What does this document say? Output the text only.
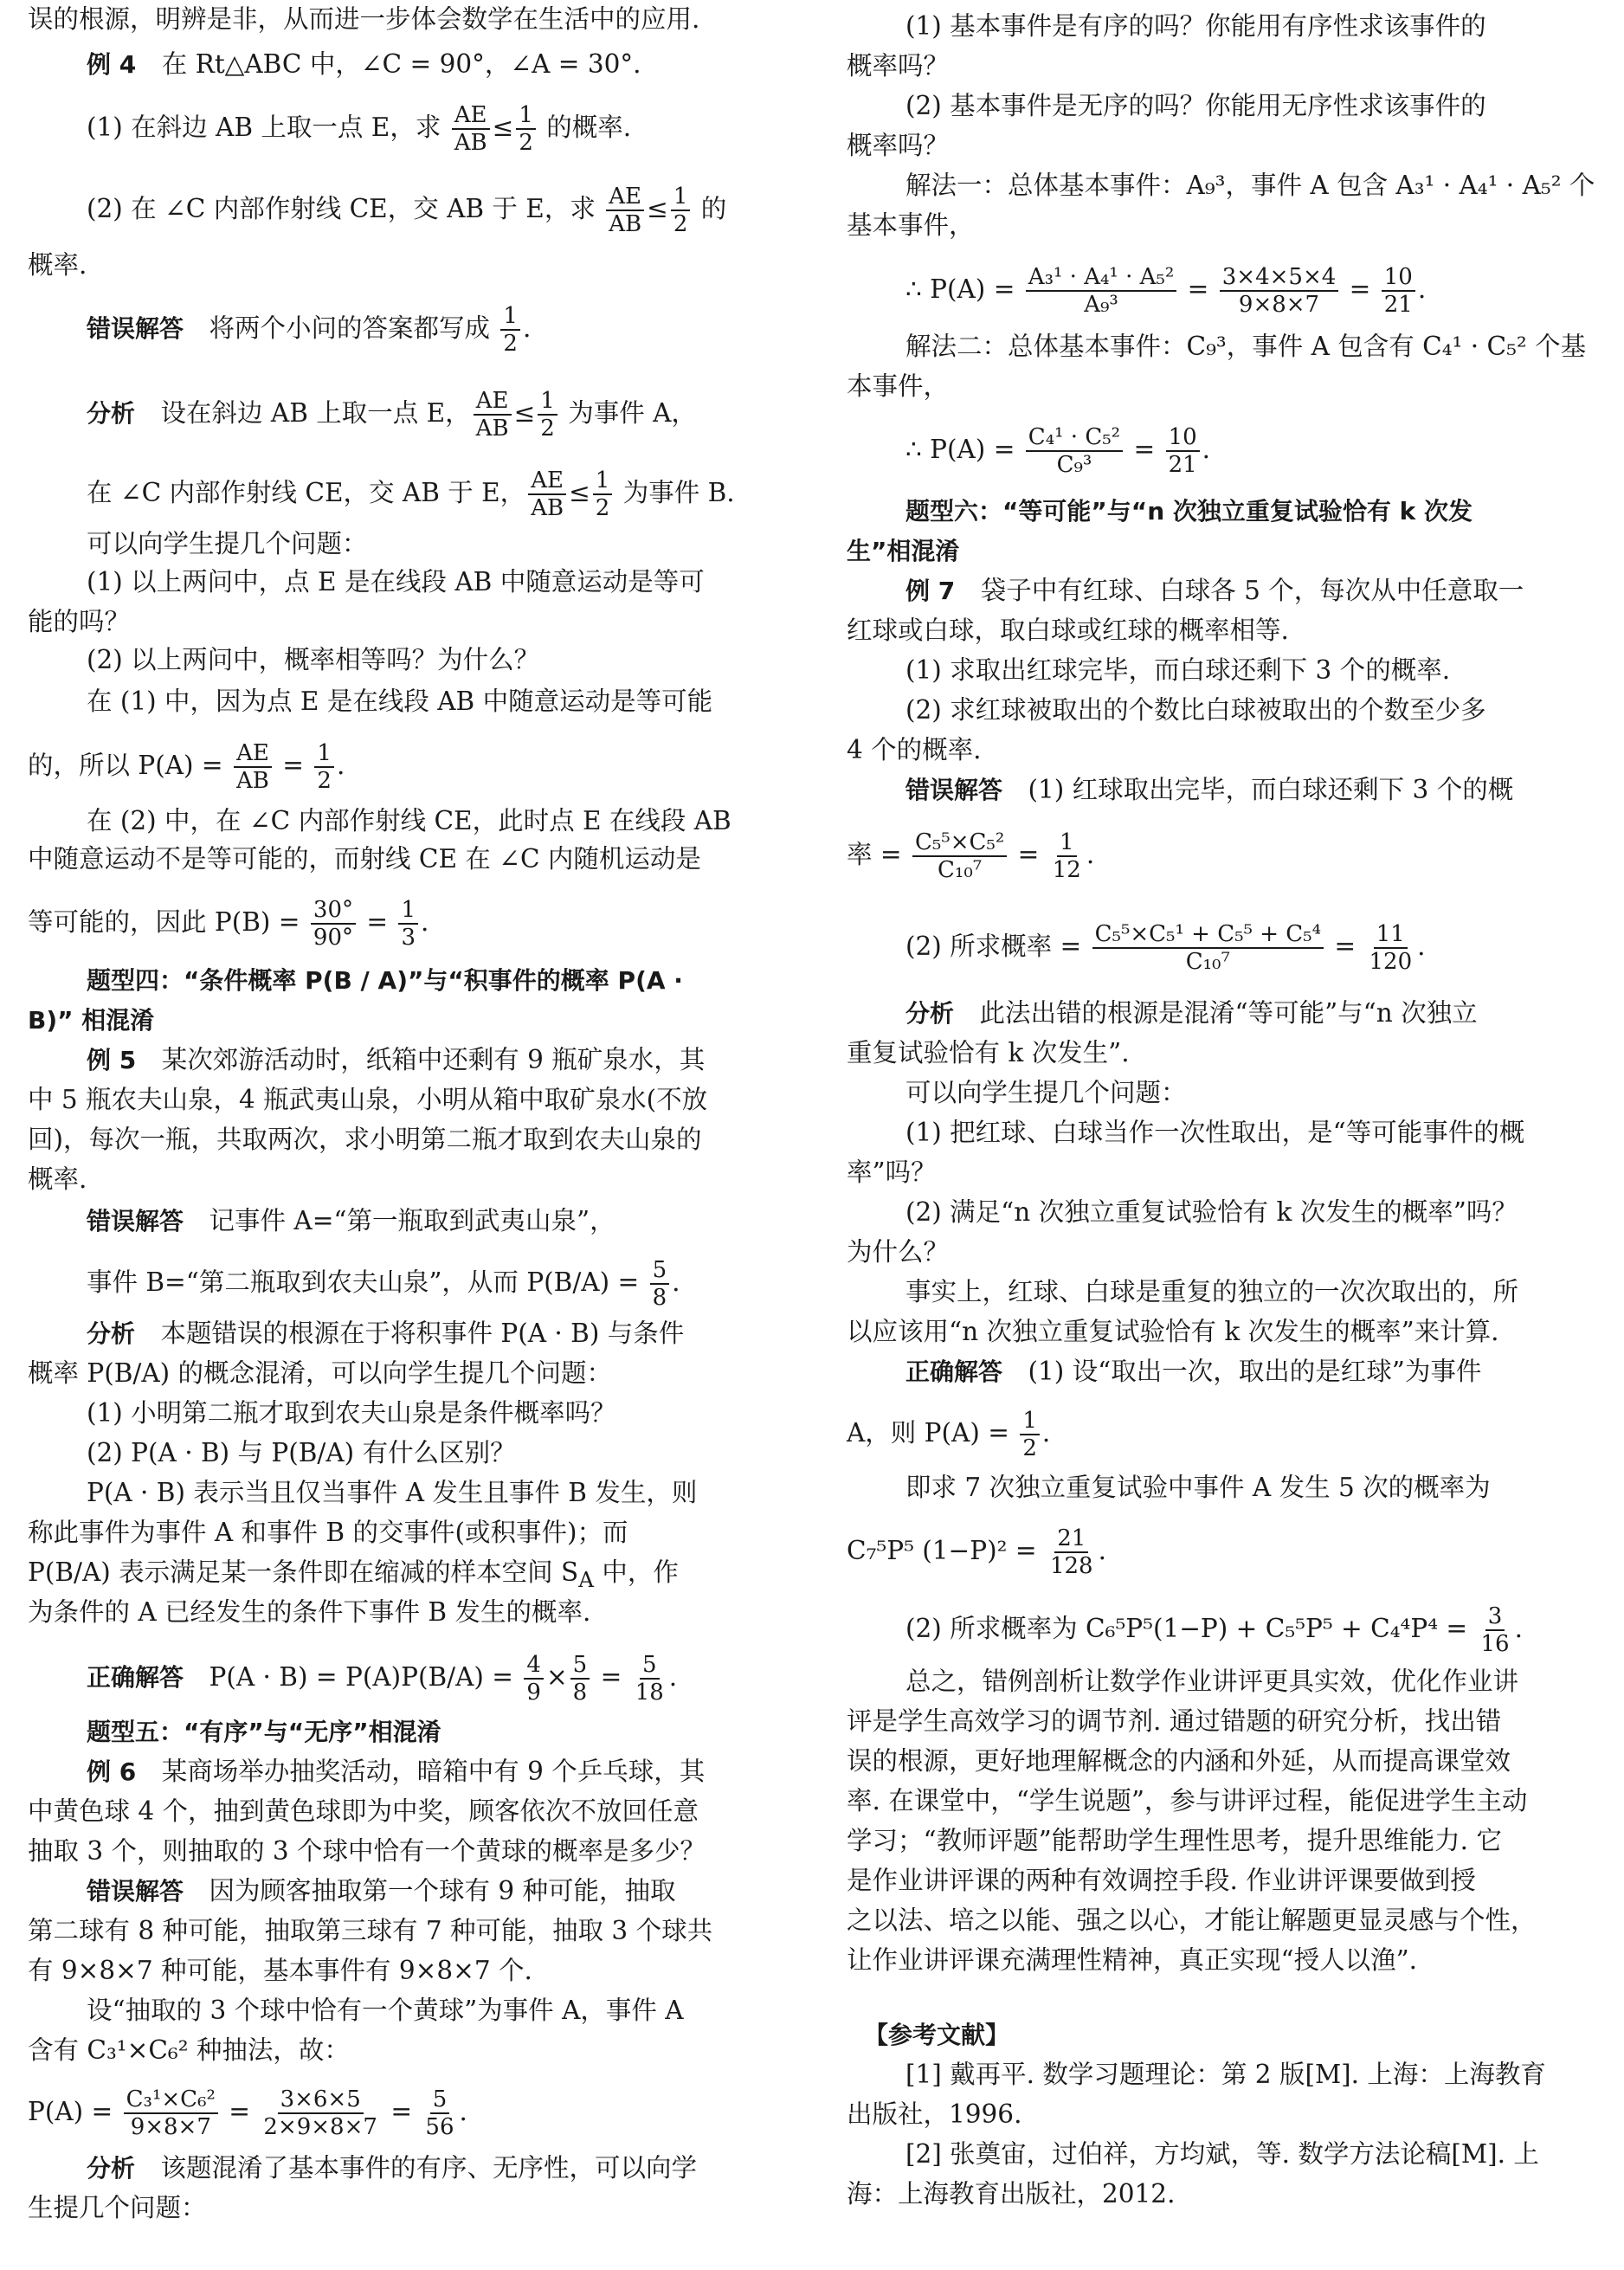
误的根源，明辨是非，从而进一步体会数学在生活中的应用.
例 4　在 Rt△ABC 中，∠C = 90°，∠A = 30°.
(1) 在斜边 AB 上取一点 E，求 $\frac{AE}{AB} \le \frac{1}{2}$ 的概率.
(2) 在 ∠C 内部作射线 CE，交 AB 于 E，求 $\frac{AE}{AB} \le \frac{1}{2}$ 的
概率.
错误解答　将两个小问的答案都写成 $\frac{1}{2}$ .
分析　设在斜边 AB 上取一点 E， $\frac{AE}{AB} \le \frac{1}{2}$ 为事件 A，
在 ∠C 内部作射线 CE，交 AB 于 E， $\frac{AE}{AB} \le \frac{1}{2}$ 为事件 B.
可以向学生提几个问题：
(1) 以上两问中，点 E 是在线段 AB 中随意运动是等可
能的吗？
(2) 以上两问中，概率相等吗？为什么？
在 (1) 中，因为点 E 是在线段 AB 中随意运动是等可能
的，所以 $P(A) = \frac{AE}{AB} = \frac{1}{2}$ .
在 (2) 中，在 ∠C 内部作射线 CE，此时点 E 在线段 AB
中随意运动不是等可能的，而射线 CE 在 ∠C 内随机运动是
等可能的，因此 $P(B) = \frac{30^\circ}{90^\circ} = \frac{1}{3}$ .
题型四：“条件概率 P(B / A)”与“积事件的概率 P(A ·
B)” 相混淆
例 5　某次郊游活动时，纸箱中还剩有 9 瓶矿泉水，其
中 5 瓶农夫山泉，4 瓶武夷山泉，小明从箱中取矿泉水(不放
回)，每次一瓶，共取两次，求小明第二瓶才取到农夫山泉的
概率.
错误解答　记事件 A=“第一瓶取到武夷山泉”，
事件 B=“第二瓶取到农夫山泉”，从而 $P(B/A) = \frac{5}{8}$ .
分析　本题错误的根源在于将积事件 P(A · B) 与条件
概率 P(B/A) 的概念混淆，可以向学生提几个问题：
(1) 小明第二瓶才取到农夫山泉是条件概率吗？
(2) P(A · B) 与 P(B/A) 有什么区别？
P(A · B) 表示当且仅当事件 A 发生且事件 B 发生，则
称此事件为事件 A 和事件 B 的交事件(或积事件)；而
P(B/A) 表示满足某一条件即在缩减的样本空间 $S_A$ 中，作
为条件的 A 已经发生的条件下事件 B 发生的概率.
正确解答　$P(A \cdot B) = P(A)P(B/A) = \frac{4}{9} \times \frac{5}{8} = \frac{5}{18}$ .
题型五：“有序”与“无序”相混淆
例 6　某商场举办抽奖活动，暗箱中有 9 个乒乓球，其
中黄色球 4 个，抽到黄色球即为中奖，顾客依次不放回任意
抽取 3 个，则抽取的 3 个球中恰有一个黄球的概率是多少？
错误解答　因为顾客抽取第一个球有 9 种可能，抽取
第二球有 8 种可能，抽取第三球有 7 种可能，抽取 3 个球共
有 9×8×7 种可能，基本事件有 9×8×7 个.
设“抽取的 3 个球中恰有一个黄球”为事件 A，事件 A
含有 C₃¹×C₆² 种抽法，故：
$P(A) = \frac{\text{C₃¹×C₆²}}{9\times 8\times 7} = \frac{3\times 6\times 5}{2\times 9\times 8\times 7} = \frac{5}{56}$ .
分析　该题混淆了基本事件的有序、无序性，可以向学
生提几个问题：
(1) 基本事件是有序的吗？你能用有序性求该事件的
概率吗？
(2) 基本事件是无序的吗？你能用无序性求该事件的
概率吗？
解法一：总体基本事件：A₉³，事件 A 包含 A₃¹ · A₄¹ · A₅² 个
基本事件，
∴ $P(A) = \frac{\text{A₃¹ · A₄¹ · A₅²}}{\text{A₉³}} = \frac{3\times 4\times 5\times 4}{9\times 8\times 7} = \frac{10}{21}$ .
解法二：总体基本事件：C₉³，事件 A 包含有 C₄¹ · C₅² 个基
本事件，
∴ $P(A) = \frac{\text{C₄¹ · C₅²}}{\text{C₉³}} = \frac{10}{21}$ .
题型六：“等可能”与“n 次独立重复试验恰有 k 次发
生”相混淆
例 7　袋子中有红球、白球各 5 个，每次从中任意取一
红球或白球，取白球或红球的概率相等.
(1) 求取出红球完毕，而白球还剩下 3 个的概率.
(2) 求红球被取出的个数比白球被取出的个数至少多
4 个的概率.
错误解答　(1) 红球取出完毕，而白球还剩下 3 个的概
率 = $\frac{\text{C₅⁵×C₅²}}{\text{C₁₀⁷}} = \frac{1}{12}$ .
(2) 所求概率 = $\frac{\text{C₅⁵×C₅¹ + C₅⁵ + C₅⁴}}{\text{C₁₀⁷}} = \frac{11}{120}$ .
分析　此法出错的根源是混淆“等可能”与“n 次独立
重复试验恰有 k 次发生”.
可以向学生提几个问题：
(1) 把红球、白球当作一次性取出，是“等可能事件的概
率”吗？
(2) 满足“n 次独立重复试验恰有 k 次发生的概率”吗？
为什么？
事实上，红球、白球是重复的独立的一次次取出的，所
以应该用“n 次独立重复试验恰有 k 次发生的概率”来计算.
正确解答　(1) 设“取出一次，取出的是红球”为事件
A，则 $P(A) = \frac{1}{2}$ .
即求 7 次独立重复试验中事件 A 发生 5 次的概率为
C₇⁵P⁵ $(1-P)^2 = \frac{21}{128}$ .
(2) 所求概率为 $C_6^5P^5(1-P) + C_5^5P^5 + C_4^4P^4 = \frac{3}{16}$ .
总之，错例剖析让数学作业讲评更具实效，优化作业讲
评是学生高效学习的调节剂. 通过错题的研究分析，找出错
误的根源，更好地理解概念的内涵和外延，从而提高课堂效
率. 在课堂中，“学生说题”，参与讲评过程，能促进学生主动
学习；“教师评题”能帮助学生理性思考，提升思维能力. 它
是作业讲评课的两种有效调控手段. 作业讲评课要做到授
之以法、培之以能、强之以心，才能让解题更显灵感与个性，
让作业讲评课充满理性精神，真正实现“授人以渔”.
【参考文献】
[1] 戴再平. 数学习题理论：第 2 版[M]. 上海：上海教育
出版社，1996.
[2] 张奠宙，过伯祥，方均斌，等. 数学方法论稿[M]. 上
海：上海教育出版社，2012.
